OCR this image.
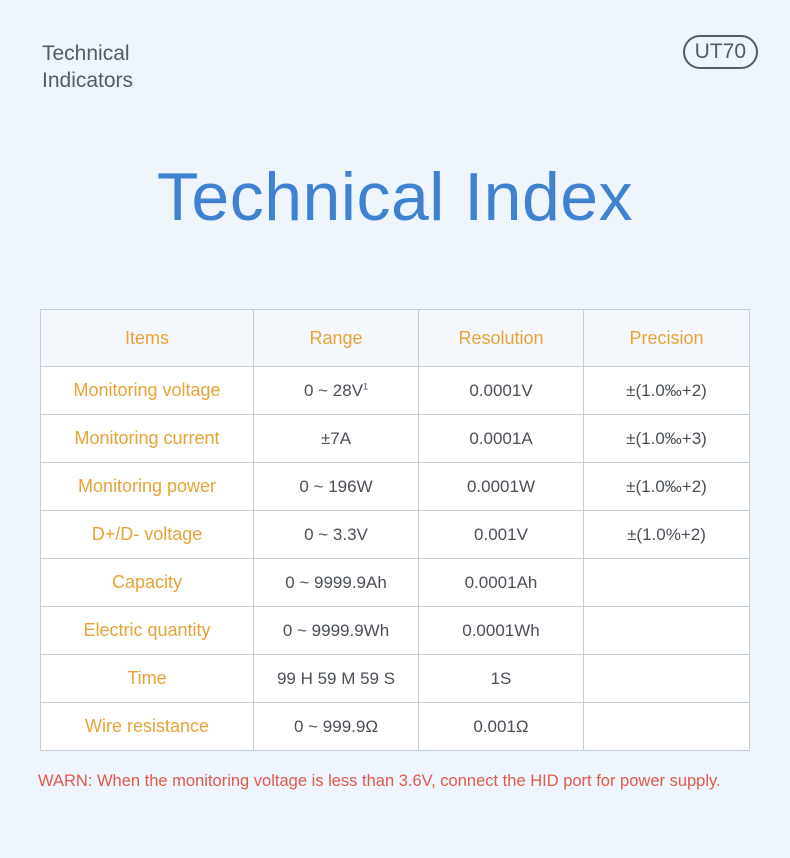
Technical Indicators
UT70
Technical Index
Items	Range	Resolution	Precision
Monitoring voltage	0 ~ $28V^1$	0.0001V	±(1.0‰+2)
Monitoring current	±7A	0.0001A	±(1.0‰+3)
Monitoring power	0 ~ 196W	0.0001W	±(1.0‰+2)
D+/D- voltage	0 ~ 3.3V	0.001V	±(1.0%+2)
Capacity	0 ~ 9999.9Ah	0.0001Ah	
Electric quantity	0 ~ 9999.9Wh	0.0001Wh	
Time	99 H 59 M 59 S	1S	
Wire resistance	0 ~ 999.9Ω	0.001Ω	
WARN: When the monitoring voltage is less than 3.6V, connect the HID port for power supply.
